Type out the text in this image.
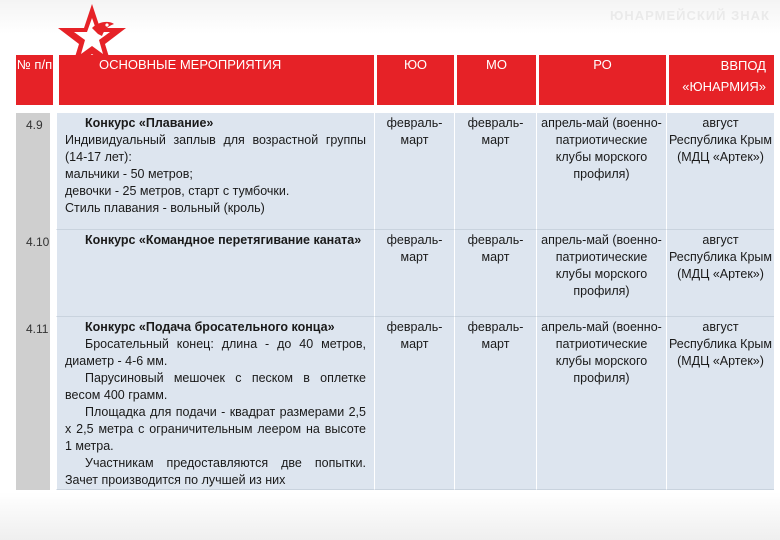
ЮНАРМЕЙСКИЙ ЗНАК
№ п/п	ОСНОВНЫЕ МЕРОПРИЯТИЯ	ЮО	МО	РО	ВВПОД «ЮНАРМИЯ»

4.9	Конкурс «Плавание»
Индивидуальный заплыв для возрастной группы (14-17 лет):
мальчики - 50 метров;
девочки - 25 метров, старт с тумбочки.
Стиль плавания - вольный (кроль)	февраль-март	февраль-март	апрель-май (военно-патриотические клубы морского профиля)	август Республика Крым (МДЦ «Артек»)
4.10	Конкурс «Командное перетягивание каната»	февраль-март	февраль-март	апрель-май (военно-патриотические клубы морского профиля)	август Республика Крым (МДЦ «Артек»)
4.11	Конкурс «Подача бросательного конца»
Бросательный конец: длина - до 40 метров, диаметр - 4-6 мм.
Парусиновый мешочек с песком в оплетке весом 400 грамм.
Площадка для подачи - квадрат размерами 2,5 х 2,5 метра с ограничительным леером на высоте 1 метра.
Участникам предоставляются две попытки. Зачет производится по лучшей из них	февраль-март	февраль-март	апрель-май (военно-патриотические клубы морского профиля)	август Республика Крым (МДЦ «Артек»)
